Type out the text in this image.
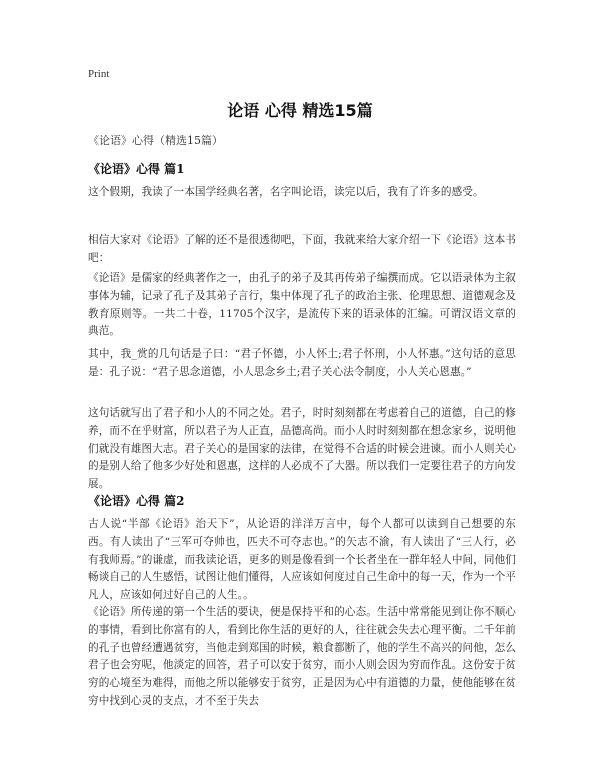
Print
论语 心得 精选15篇
《论语》心得（精选15篇）
《论语》心得 篇1
这个假期，我读了一本国学经典名著，名字叫论语，读完以后，我有了许多的感受。
相信大家对《论语》了解的还不是很透彻吧，下面，我就来给大家介绍一下《论语》这本书吧：
《论语》是儒家的经典著作之一，由孔子的弟子及其再传弟子编撰而成。它以语录体为主叙事体为辅，记录了孔子及其弟子言行，集中体现了孔子的政治主张、伦理思想、道德观念及教育原则等。一共二十卷，11705个汉字，是流传下来的语录体的汇编。可谓汉语文章的典范。
其中，我_赏的几句话是子曰：“君子怀德，小人怀土;君子怀刑，小人怀惠。”这句话的意思是：孔子说：“君子思念道德，小人思念乡土;君子关心法令制度，小人关心恩惠。”
这句话就写出了君子和小人的不同之处。君子，时时刻刻都在考虑着自己的道德，自己的修养，而不在乎财富，所以君子为人正直，品德高尚。而小人时时刻刻都在想念家乡，说明他们就没有雄图大志。君子关心的是国家的法律，在觉得不合适的时候会进谏。而小人则关心的是别人给了他多少好处和恩惠，这样的人必成不了大器。所以我们一定要往君子的方向发展。
《论语》心得 篇2
古人说“半部《论语》治天下”，从论语的洋洋万言中，每个人都可以读到自己想要的东西。有人读出了“三军可夺帅也，匹夫不可夺志也。”的矢志不渝，有人读出了“三人行，必有我师焉。”的谦虚，而我读论语，更多的则是像看到一个长者坐在一群年轻人中间，同他们畅谈自己的人生感悟，试图让他们懂得，人应该如何度过自己生命中的每一天，作为一个平凡人，应该如何过好自己的人生。。
《论语》所传递的第一个生活的要诀，便是保持平和的心态。生活中常常能见到让你不顺心的事情，看到比你富有的人，看到比你生活的更好的人，往往就会失去心理平衡。二千年前的孔子也曾经遭遇贫穷，当他走到郑国的时候，粮食都断了，他的学生不高兴的问他，怎么君子也会穷呢，他淡定的回答，君子可以安于贫穷，而小人则会因为穷而作乱。这份安于贫穷的心境至为难得，而他之所以能够安于贫穷，正是因为心中有道德的力量，使他能够在贫穷中找到心灵的支点，才不至于失去
